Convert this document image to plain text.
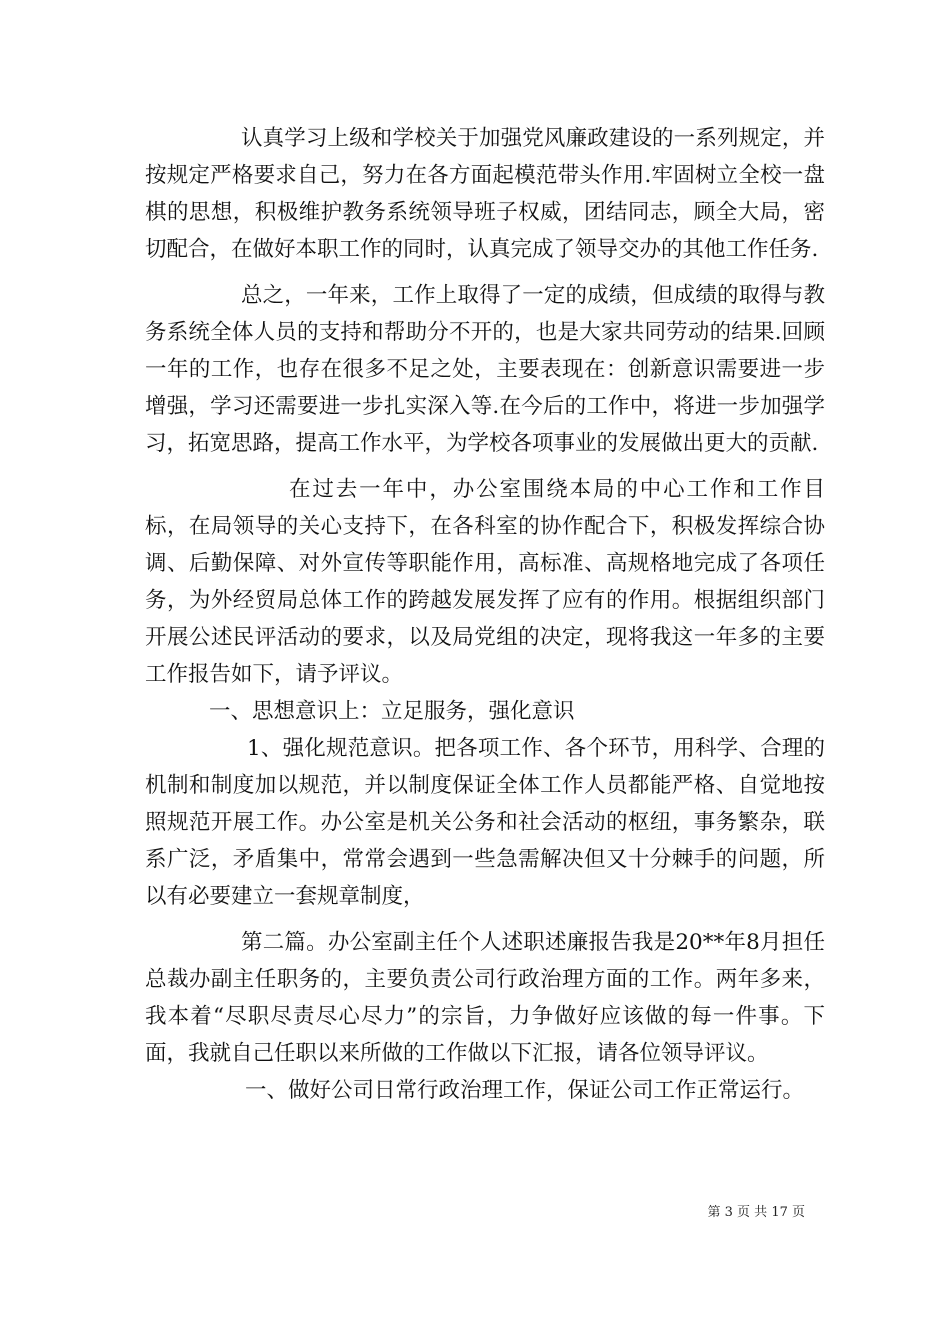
认真学习上级和学校关于加强党风廉政建设的一系列规定，并按规定严格要求自己，努力在各方面起模范带头作用.牢固树立全校一盘棋的思想，积极维护教务系统领导班子权威，团结同志，顾全大局，密切配合，在做好本职工作的同时，认真完成了领导交办的其他工作任务.

总之，一年来，工作上取得了一定的成绩，但成绩的取得与教务系统全体人员的支持和帮助分不开的，也是大家共同劳动的结果.回顾一年的工作，也存在很多不足之处，主要表现在：创新意识需要进一步增强，学习还需要进一步扎实深入等.在今后的工作中，将进一步加强学习，拓宽思路，提高工作水平，为学校各项事业的发展做出更大的贡献.

在过去一年中，办公室围绕本局的中心工作和工作目标，在局领导的关心支持下，在各科室的协作配合下，积极发挥综合协调、后勤保障、对外宣传等职能作用，高标准、高规格地完成了各项任务，为外经贸局总体工作的跨越发展发挥了应有的作用。根据组织部门开展公述民评活动的要求，以及局党组的决定，现将我这一年多的主要工作报告如下，请予评议。

一、思想意识上：立足服务，强化意识

1、强化规范意识。把各项工作、各个环节，用科学、合理的机制和制度加以规范，并以制度保证全体工作人员都能严格、自觉地按照规范开展工作。办公室是机关公务和社会活动的枢纽，事务繁杂，联系广泛，矛盾集中，常常会遇到一些急需解决但又十分棘手的问题，所以有必要建立一套规章制度，

第二篇。办公室副主任个人述职述廉报告我是20**年8月担任总裁办副主任职务的，主要负责公司行政治理方面的工作。两年多来，我本着“尽职尽责尽心尽力”的宗旨，力争做好应该做的每一件事。下面，我就自己任职以来所做的工作做以下汇报，请各位领导评议。

一、做好公司日常行政治理工作，保证公司工作正常运行。

第 3 页 共 17 页
